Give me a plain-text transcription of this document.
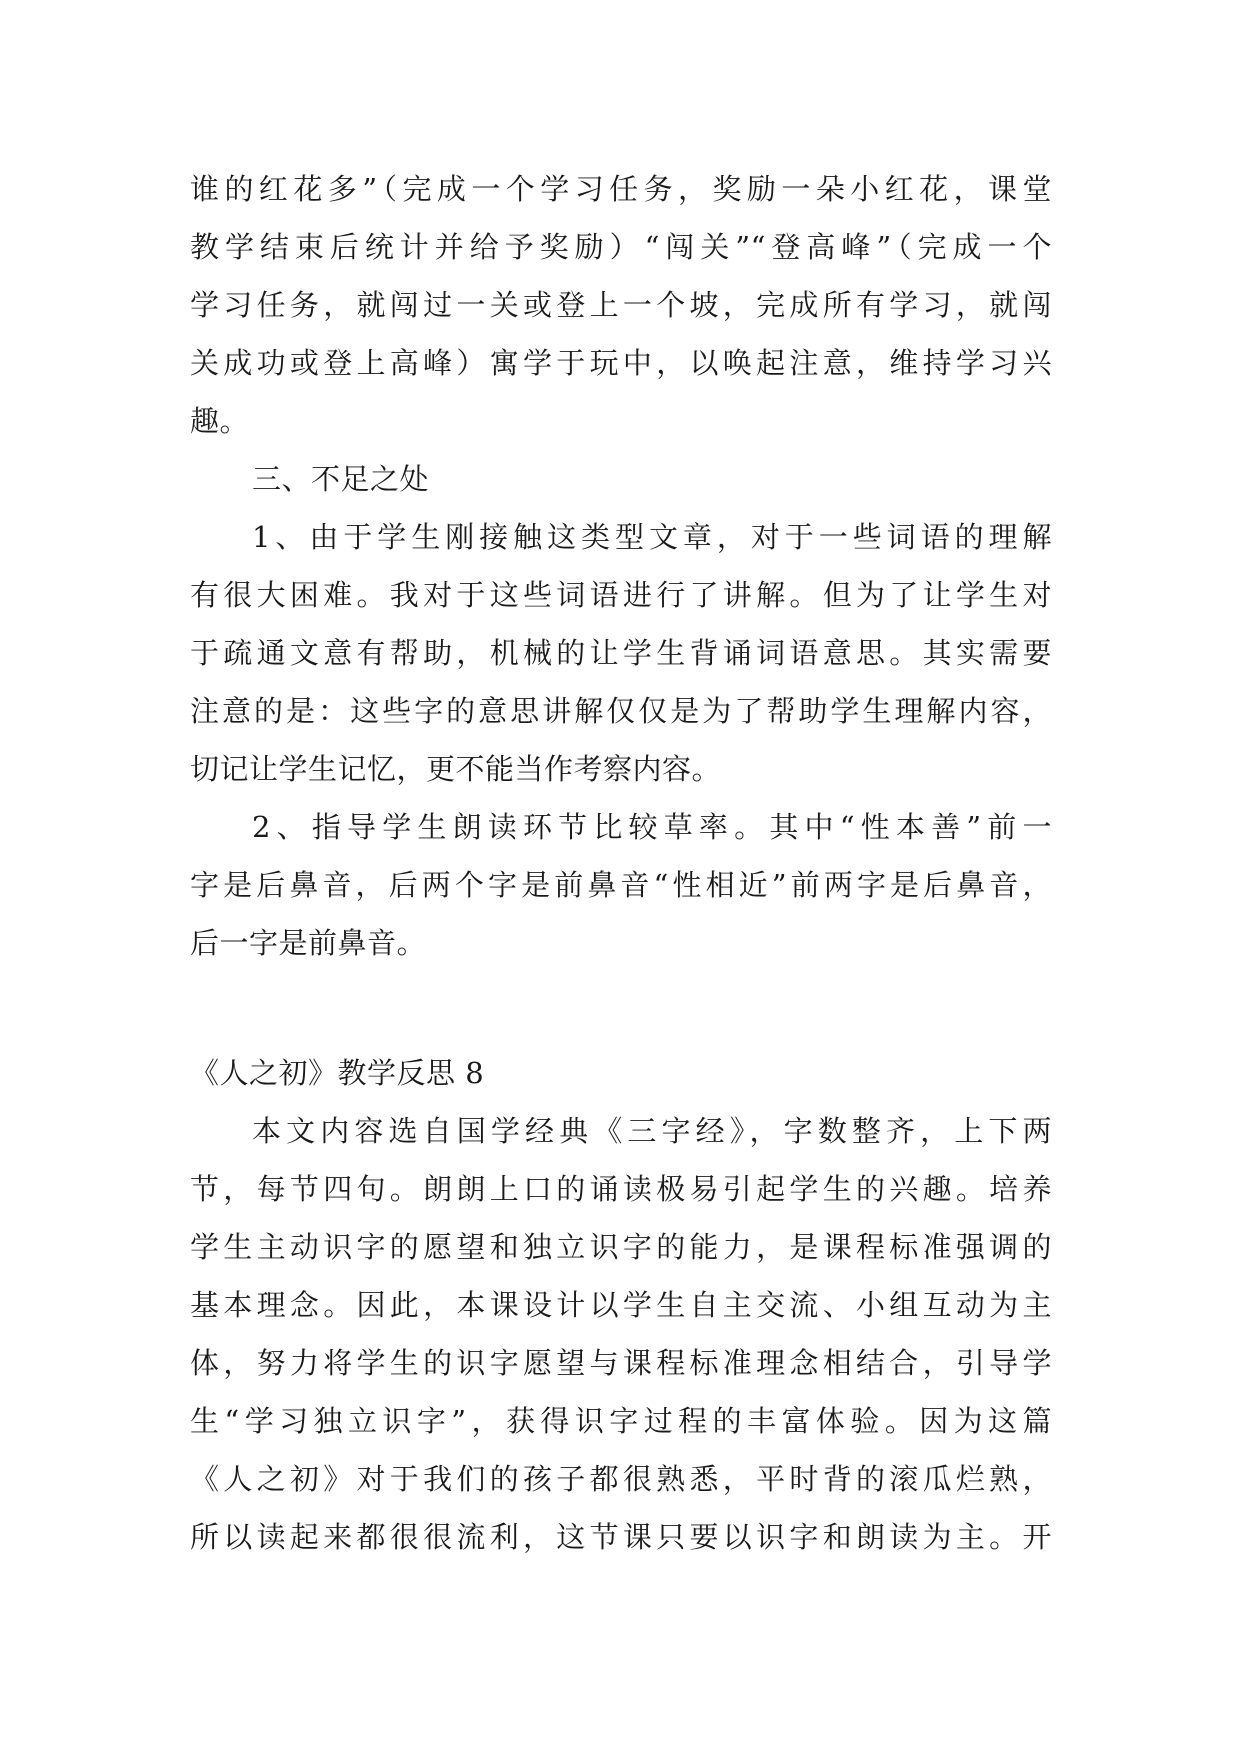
谁的红花多”（完成一个学习任务，奖励一朵小红花，课堂
教学结束后统计并给予奖励）“闯关”“登高峰”（完成一个
学习任务，就闯过一关或登上一个坡，完成所有学习，就闯
关成功或登上高峰）寓学于玩中，以唤起注意，维持学习兴
趣。
三、不足之处
1、由于学生刚接触这类型文章，对于一些词语的理解
有很大困难。我对于这些词语进行了讲解。但为了让学生对
于疏通文意有帮助，机械的让学生背诵词语意思。其实需要
注意的是：这些字的意思讲解仅仅是为了帮助学生理解内容，
切记让学生记忆，更不能当作考察内容。
2、指导学生朗读环节比较草率。其中“性本善”前一
字是后鼻音，后两个字是前鼻音“性相近”前两字是后鼻音，
后一字是前鼻音。
《人之初》教学反思 8
本文内容选自国学经典《三字经》，字数整齐，上下两
节，每节四句。朗朗上口的诵读极易引起学生的兴趣。培养
学生主动识字的愿望和独立识字的能力，是课程标准强调的
基本理念。因此，本课设计以学生自主交流、小组互动为主
体，努力将学生的识字愿望与课程标准理念相结合，引导学
生“学习独立识字”，获得识字过程的丰富体验。因为这篇
《人之初》对于我们的孩子都很熟悉，平时背的滚瓜烂熟，
所以读起来都很很流利，这节课只要以识字和朗读为主。开
